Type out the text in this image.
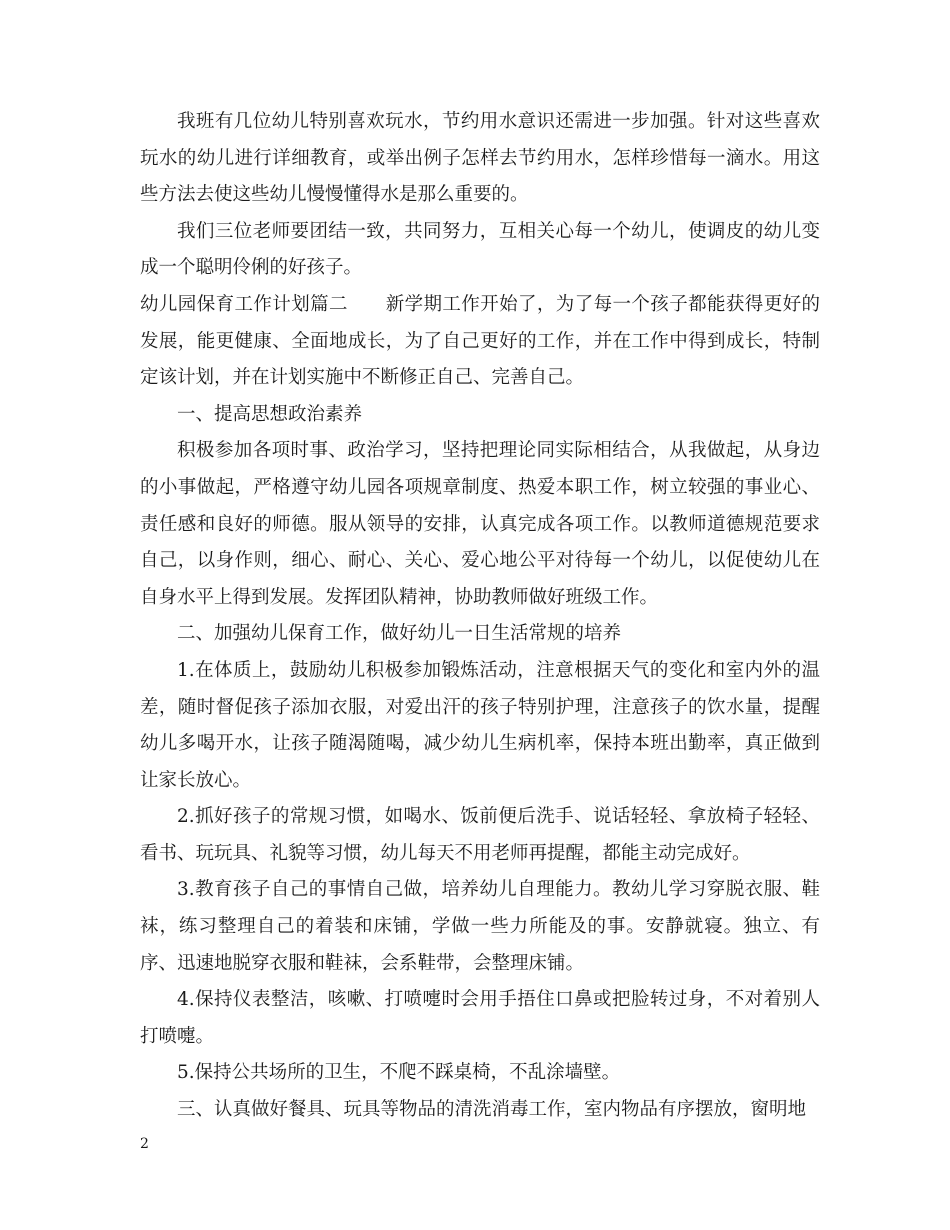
我班有几位幼儿特别喜欢玩水，节约用水意识还需进一步加强。针对这些喜欢玩水的幼儿进行详细教育，或举出例子怎样去节约用水，怎样珍惜每一滴水。用这些方法去使这些幼儿慢慢懂得水是那么重要的。

我们三位老师要团结一致，共同努力，互相关心每一个幼儿，使调皮的幼儿变成一个聪明伶俐的好孩子。

幼儿园保育工作计划篇二　　新学期工作开始了，为了每一个孩子都能获得更好的发展，能更健康、全面地成长，为了自己更好的工作，并在工作中得到成长，特制定该计划，并在计划实施中不断修正自己、完善自己。

一、提高思想政治素养

积极参加各项时事、政治学习，坚持把理论同实际相结合，从我做起，从身边的小事做起，严格遵守幼儿园各项规章制度、热爱本职工作，树立较强的事业心、责任感和良好的师德。服从领导的安排，认真完成各项工作。以教师道德规范要求自己，以身作则，细心、耐心、关心、爱心地公平对待每一个幼儿，以促使幼儿在自身水平上得到发展。发挥团队精神，协助教师做好班级工作。

二、加强幼儿保育工作，做好幼儿一日生活常规的培养

1.在体质上，鼓励幼儿积极参加锻炼活动，注意根据天气的变化和室内外的温差，随时督促孩子添加衣服，对爱出汗的孩子特别护理，注意孩子的饮水量，提醒幼儿多喝开水，让孩子随渴随喝，减少幼儿生病机率，保持本班出勤率，真正做到让家长放心。

2.抓好孩子的常规习惯，如喝水、饭前便后洗手、说话轻轻、拿放椅子轻轻、看书、玩玩具、礼貌等习惯，幼儿每天不用老师再提醒，都能主动完成好。

3.教育孩子自己的事情自己做，培养幼儿自理能力。教幼儿学习穿脱衣服、鞋袜，练习整理自己的着装和床铺，学做一些力所能及的事。安静就寝。独立、有序、迅速地脱穿衣服和鞋袜，会系鞋带，会整理床铺。

4.保持仪表整洁，咳嗽、打喷嚏时会用手捂住口鼻或把脸转过身，不对着别人打喷嚏。

5.保持公共场所的卫生，不爬不踩桌椅，不乱涂墙壁。

三、认真做好餐具、玩具等物品的清洗消毒工作，室内物品有序摆放，窗明地

2
